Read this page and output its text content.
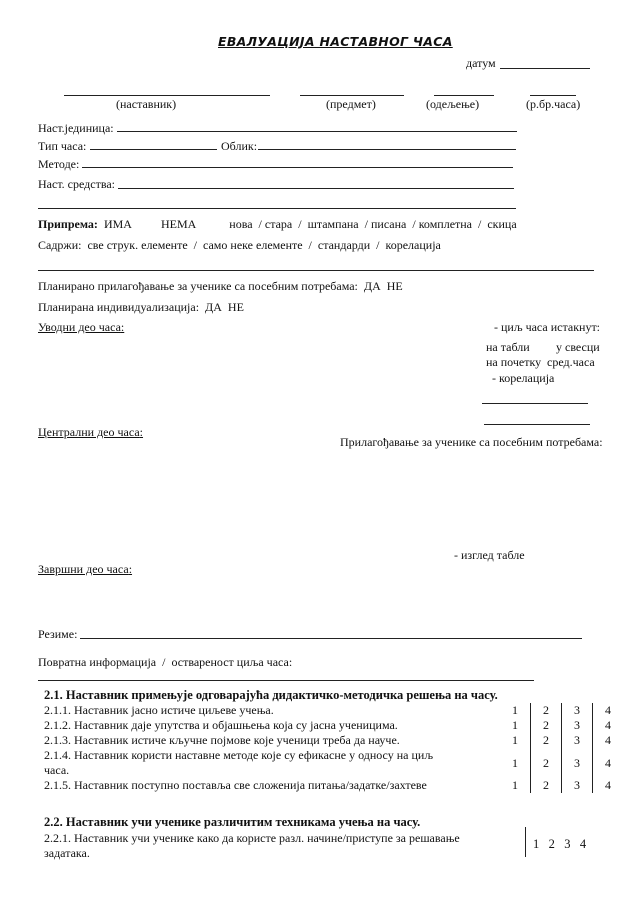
ЕВАЛУАЦИЈА НАСТАВНОГ ЧАСА
датум
(наставник)	(предмет)	(одељење)	(р.бр.часа)
Наст.јединица:
Тип часа:	Облик:
Методе:
Наст. средства:
Припрема: ИМА НЕМА	нова  / стара  /  штампана  / писана  / комплетна  /  скица
Садржи:  све струк. елементе  /  само неке елементе  /  стандарди  /  корелација
Планирано прилагођавање за ученике са посебним потребама:  ДА  НЕ
Планирана индивидуализација:  ДА  НЕ
Уводни део часа:	- циљ часа истакнут:
на табли у свесци
на почетку сред.часа
- корелација
Централни део часа:
Прилагођавање за ученике са посебним потребама:
- изглед табле
Завршни део часа:
Резиме:
Повратна информација  /  оствареност циља часа:
2.1. Наставник примењује одговарајућа дидактичко-методичка решења на часу.
2.1.1. Наставник јасно истиче циљеве учења.	1	2	3	4
2.1.2. Наставник даје упутства и објашњења која су јасна ученицима.	1	2	3	4
2.1.3. Наставник истиче кључне појмове које ученици треба да науче.	1	2	3	4

2.1.4. Наставник користи наставне методе које су ефикасне у односу на циљ
часа.	1	2	3	4
2.1.5. Наставник поступно поставља све сложенија питања/задатке/захтеве	1	2	3	4
2.2. Наставник учи ученике различитим техникама учења на часу.
2.2.1. Наставник учи ученике како да користе разл. начине/приступе за решавање
задатака.
1   2   3   4
